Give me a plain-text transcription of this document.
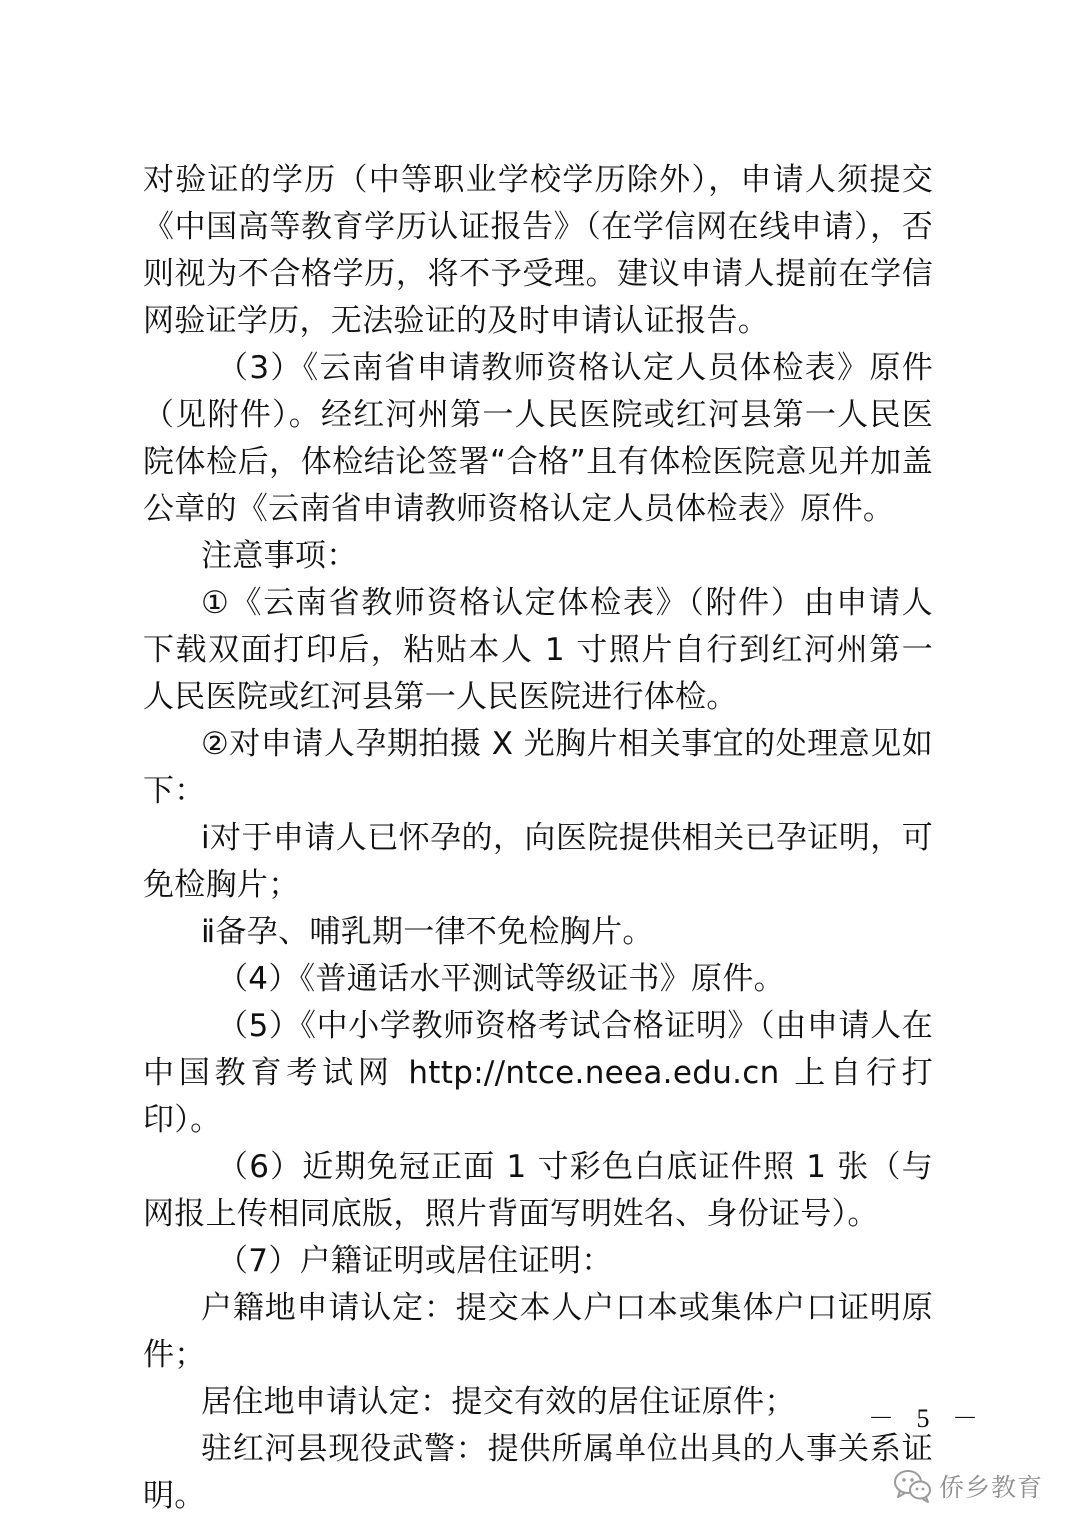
对验证的学历（中等职业学校学历除外），申请人须提交《中国高等教育学历认证报告》（在学信网在线申请），否则视为不合格学历，将不予受理。建议申请人提前在学信网验证学历，无法验证的及时申请认证报告。

（3）《云南省申请教师资格认定人员体检表》原件（见附件）。经红河州第一人民医院或红河县第一人民医院体检后，体检结论签署“合格”且有体检医院意见并加盖公章的《云南省申请教师资格认定人员体检表》原件。

注意事项：

①《云南省教师资格认定体检表》（附件）由申请人下载双面打印后，粘贴本人 1 寸照片自行到红河州第一人民医院或红河县第一人民医院进行体检。

②对申请人孕期拍摄 X 光胸片相关事宜的处理意见如下：

ⅰ对于申请人已怀孕的，向医院提供相关已孕证明，可免检胸片；

ⅱ备孕、哺乳期一律不免检胸片。

（4）《普通话水平测试等级证书》原件。

（5）《中小学教师资格考试合格证明》（由申请人在中国教育考试网 http://ntce.neea.edu.cn 上自行打印）。

（6）近期免冠正面 1 寸彩色白底证件照 1 张（与网报上传相同底版，照片背面写明姓名、身份证号）。

（7）户籍证明或居住证明：

户籍地申请认定：提交本人户口本或集体户口证明原件；

居住地申请认定：提交有效的居住证原件；

驻红河县现役武警：提供所属单位出具的人事关系证明。

－ 5 －
侨乡教育
